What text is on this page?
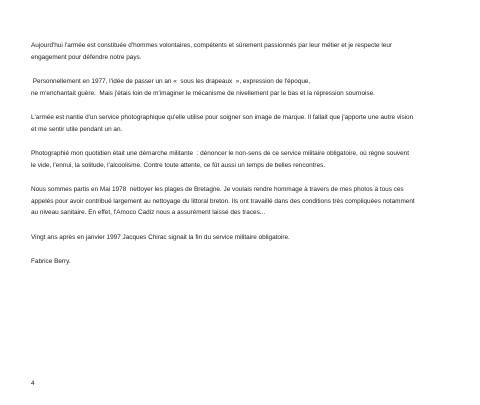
Aujourd'hui l'armée est constituée d'hommes volontaires, compétents et sûrement passionnés par leur métier et je respecte leur
engagement pour défendre notre pays.

Personnellement en 1977, l'idée de passer un an «  sous les drapeaux  », expression de l'époque,
ne m'enchantait guère.  Mais j'étais loin de m'imaginer le mécanisme de nivellement par le bas et la répression sournoise.

L'armée est nantie d'un service photographique qu'elle utilise pour soigner son image de marque. Il fallait que j'apporte une autre vision
et me sentir utile pendant un an.

Photographié mon quotidien était une démarche militante  : dénoncer le non-sens de ce service militaire obligatoire, où règne souvent
le vide, l'ennui, la solitude, l'alcoolisme. Contre toute attente, ce fût aussi un temps de belles rencontres.

Nous sommes partis en Mai 1978  nettoyer les plages de Bretagne. Je voulais rendre hommage à travers de mes photos à tous ces
appelés pour avoir contribué largement au nettoyage du littoral breton. Ils ont travaillé dans des conditions très compliquées notamment
au niveau sanitaire. En effet, l'Amoco Cadiz nous a assurément laissé des traces...

Vingt ans après en janvier 1997 Jacques Chirac signait la fin du service militaire obligatoire.

Fabrice Berry.

4
